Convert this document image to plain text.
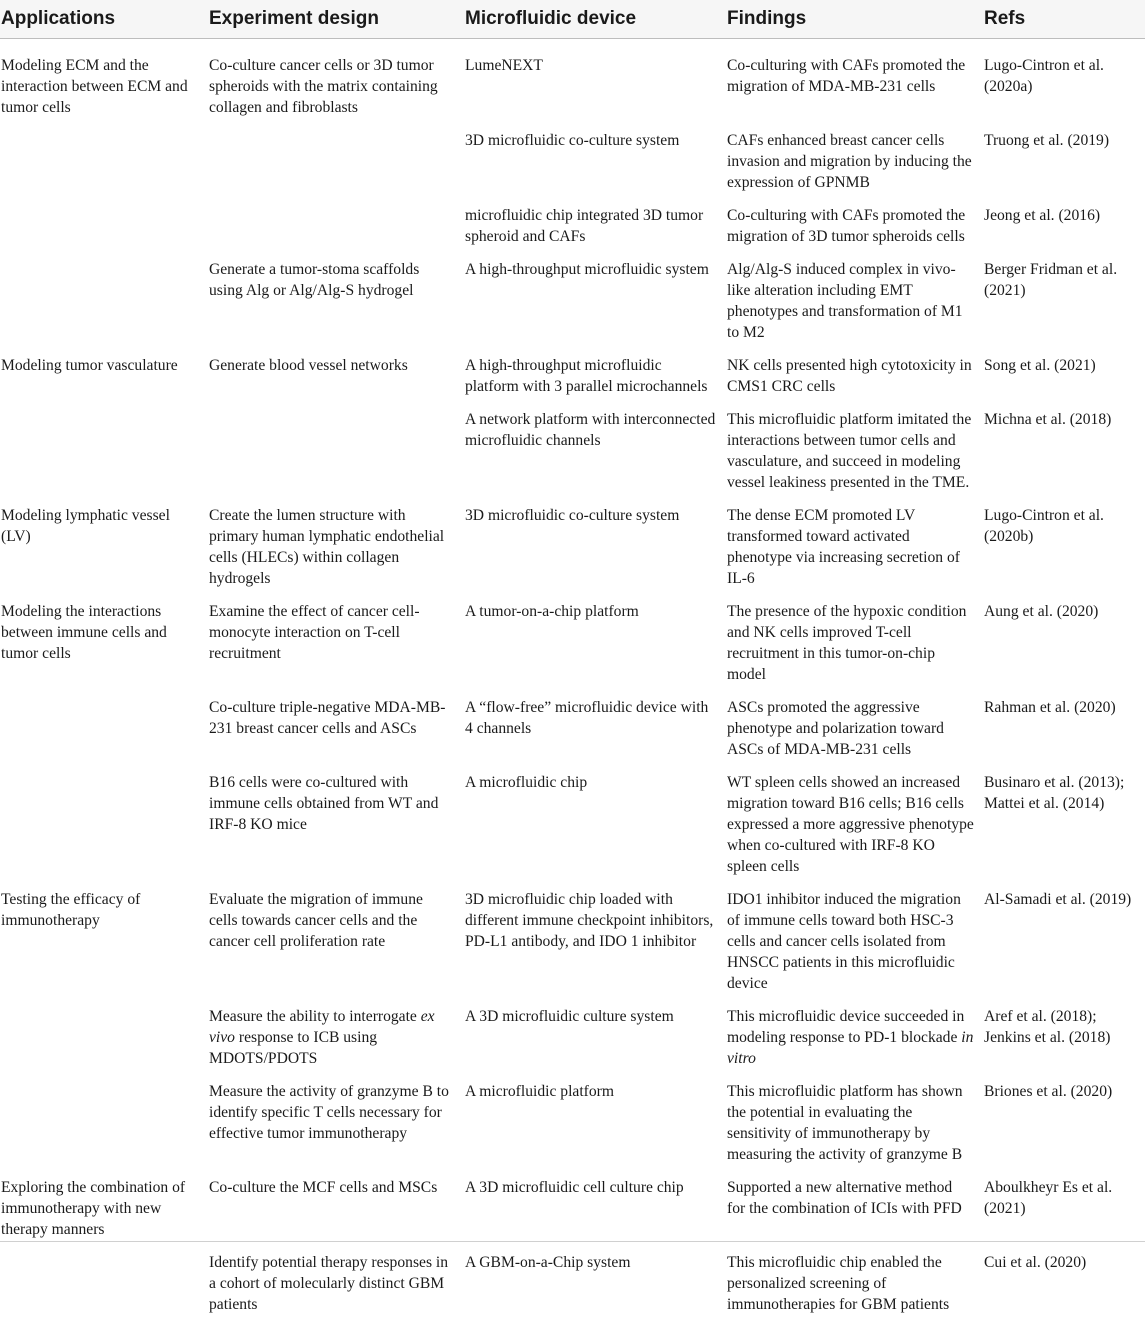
Applications	Experiment design	Microfluidic device	Findings	Refs
Modeling ECM and the interaction between ECM and tumor cells	Co-culture cancer cells or 3D tumor spheroids with the matrix containing collagen and fibroblasts	LumeNEXT	Co-culturing with CAFs promoted the migration of MDA-MB-231 cells	Lugo-Cintron et al. (2020a)
		3D microfluidic co-culture system	CAFs enhanced breast cancer cells invasion and migration by inducing the expression of GPNMB	Truong et al. (2019)
		microfluidic chip integrated 3D tumor spheroid and CAFs	Co-culturing with CAFs promoted the migration of 3D tumor spheroids cells	Jeong et al. (2016)
	Generate a tumor-stoma scaffolds using Alg or Alg/Alg-S hydrogel	A high-throughput microfluidic system	Alg/Alg-S induced complex in vivo-like alteration including EMT phenotypes and transformation of M1 to M2	Berger Fridman et al. (2021)
Modeling tumor vasculature	Generate blood vessel networks	A high-throughput microfluidic platform with 3 parallel microchannels	NK cells presented high cytotoxicity in CMS1 CRC cells	Song et al. (2021)
		A network platform with interconnected microfluidic channels	This microfluidic platform imitated the interactions between tumor cells and vasculature, and succeed in modeling vessel leakiness presented in the TME.	Michna et al. (2018)
Modeling lymphatic vessel (LV)	Create the lumen structure with primary human lymphatic endothelial cells (HLECs) within collagen hydrogels	3D microfluidic co-culture system	The dense ECM promoted LV transformed toward activated phenotype via increasing secretion of IL-6	Lugo-Cintron et al. (2020b)
Modeling the interactions between immune cells and tumor cells	Examine the effect of cancer cell-monocyte interaction on T-cell recruitment	A tumor-on-a-chip platform	The presence of the hypoxic condition and NK cells improved T-cell recruitment in this tumor-on-chip model	Aung et al. (2020)
	Co-culture triple-negative MDA-MB-231 breast cancer cells and ASCs	A “flow-free” microfluidic device with 4 channels	ASCs promoted the aggressive phenotype and polarization toward ASCs of MDA-MB-231 cells	Rahman et al. (2020)
	B16 cells were co-cultured with immune cells obtained from WT and IRF-8 KO mice	A microfluidic chip	WT spleen cells showed an increased migration toward B16 cells; B16 cells expressed a more aggressive phenotype when co-cultured with IRF-8 KO spleen cells	Businaro et al. (2013); Mattei et al. (2014)
Testing the efficacy of immunotherapy	Evaluate the migration of immune cells towards cancer cells and the cancer cell proliferation rate	3D microfluidic chip loaded with different immune checkpoint inhibitors, PD-L1 antibody, and IDO 1 inhibitor	IDO1 inhibitor induced the migration of immune cells toward both HSC-3 cells and cancer cells isolated from HNSCC patients in this microfluidic device	Al-Samadi et al. (2019)
	Measure the ability to interrogate ex vivo response to ICB using MDOTS/PDOTS	A 3D microfluidic culture system	This microfluidic device succeeded in modeling response to PD-1 blockade in vitro	Aref et al. (2018); Jenkins et al. (2018)
	Measure the activity of granzyme B to identify specific T cells necessary for effective tumor immunotherapy	A microfluidic platform	This microfluidic platform has shown the potential in evaluating the sensitivity of immunotherapy by measuring the activity of granzyme B	Briones et al. (2020)
Exploring the combination of immunotherapy with new therapy manners	Co-culture the MCF cells and MSCs	A 3D microfluidic cell culture chip	Supported a new alternative method for the combination of ICIs with PFD	Aboulkheyr Es et al. (2021)
	Identify potential therapy responses in a cohort of molecularly distinct GBM patients	A GBM-on-a-Chip system	This microfluidic chip enabled the personalized screening of immunotherapies for GBM patients	Cui et al. (2020)
